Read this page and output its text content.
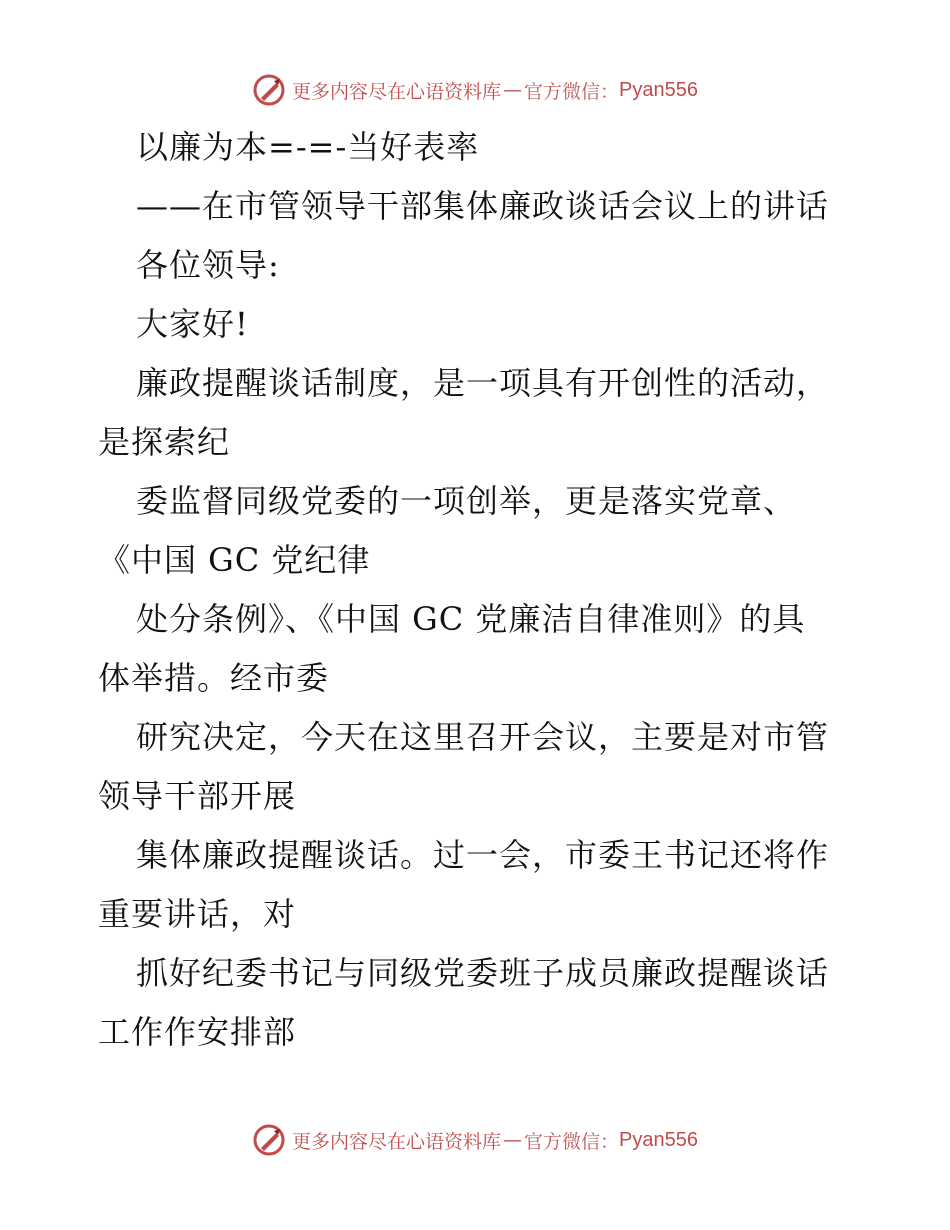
更多内容尽在心语资料库 — 官方微信： Pyan556
以廉为本=-=-当好表率
——在市管领导干部集体廉政谈话会议上的讲话
各位领导:
大家好!
廉政提醒谈话制度，是一项具有开创性的活动，
是探索纪
委监督同级党委的一项创举，更是落实党章、
《中国 GC 党纪律
处分条例》、《中国 GC 党廉洁自律准则》的具
体举措。经市委
研究决定，今天在这里召开会议，主要是对市管
领导干部开展
集体廉政提醒谈话。过一会，市委王书记还将作
重要讲话，对
抓好纪委书记与同级党委班子成员廉政提醒谈话
工作作安排部
更多内容尽在心语资料库 — 官方微信： Pyan556
